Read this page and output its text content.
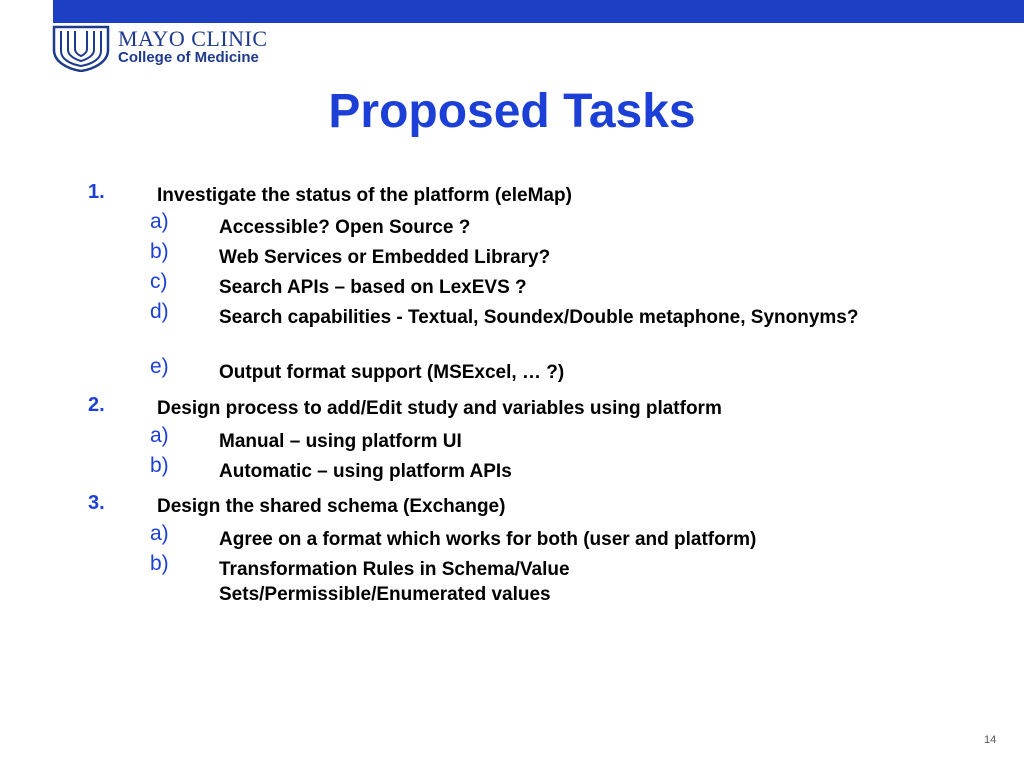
MAYO CLINIC
College of Medicine
Proposed Tasks
1.	Investigate the status of the platform (eleMap)
a)	Accessible? Open Source ?
b)	Web Services or Embedded Library?
c)	Search APIs – based on LexEVS ?
d)	Search capabilities - Textual, Soundex/Double metaphone, Synonyms?
e)	Output format support (MSExcel, … ?)
2.	Design process to add/Edit study and variables using platform
a)	Manual – using platform UI
b)	Automatic – using platform APIs
3.	Design the shared schema (Exchange)
a)	Agree on a format which works for both (user and platform)
b)	Transformation Rules in Schema/Value Sets/Permissible/Enumerated values
14
